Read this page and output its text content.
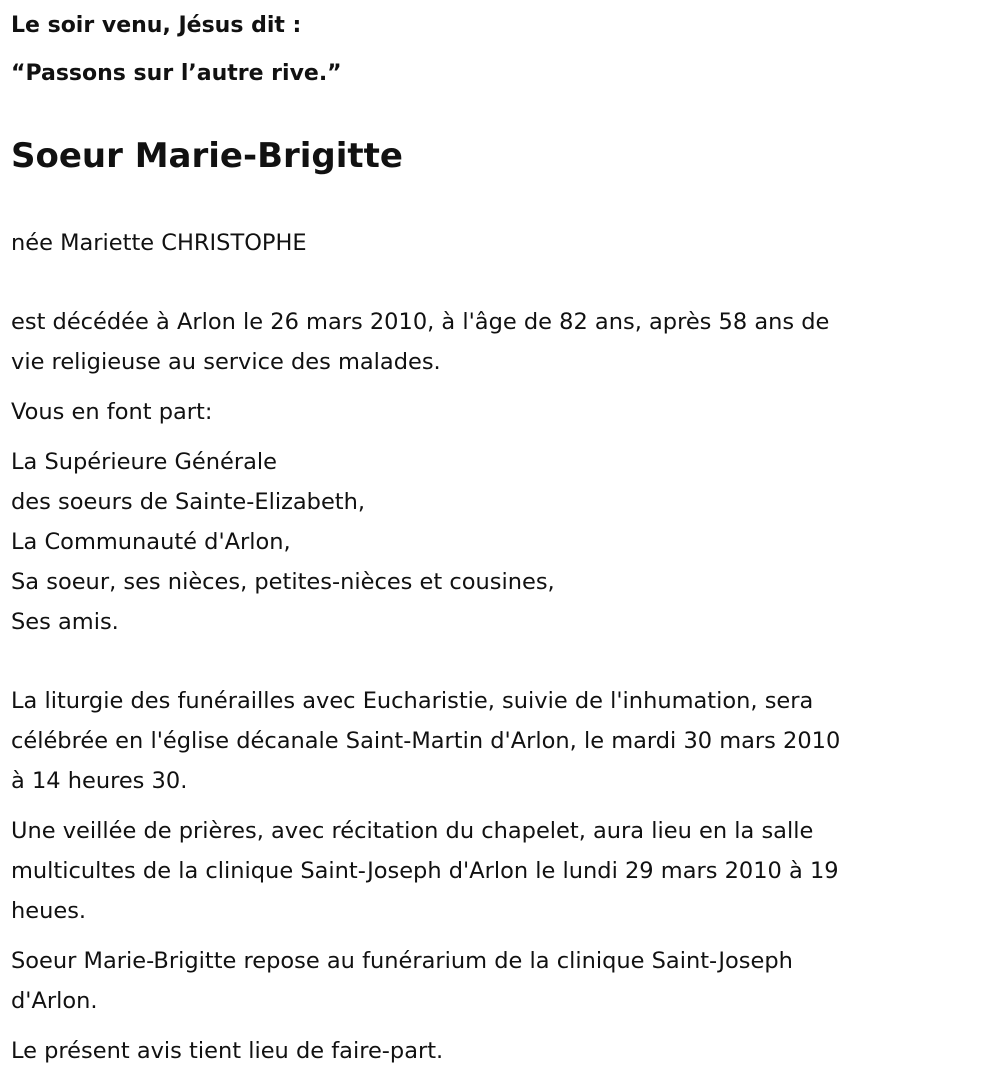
Le soir venu, Jésus dit :
“Passons sur l’autre rive.”
Soeur Marie-Brigitte
née Mariette CHRISTOPHE
est décédée à Arlon le 26 mars 2010, à l'âge de 82 ans, après 58 ans de
vie religieuse au service des malades.
Vous en font part:
La Supérieure Générale
des soeurs de Sainte-Elizabeth,
La Communauté d'Arlon,
Sa soeur, ses nièces, petites-nièces et cousines,
Ses amis.
La liturgie des funérailles avec Eucharistie, suivie de l'inhumation, sera
célébrée en l'église décanale Saint-Martin d'Arlon, le mardi 30 mars 2010
à 14 heures 30.
Une veillée de prières, avec récitation du chapelet, aura lieu en la salle
multicultes de la clinique Saint-Joseph d'Arlon le lundi 29 mars 2010 à 19
heues.
Soeur Marie-Brigitte repose au funérarium de la clinique Saint-Joseph
d'Arlon.
Le présent avis tient lieu de faire-part.
